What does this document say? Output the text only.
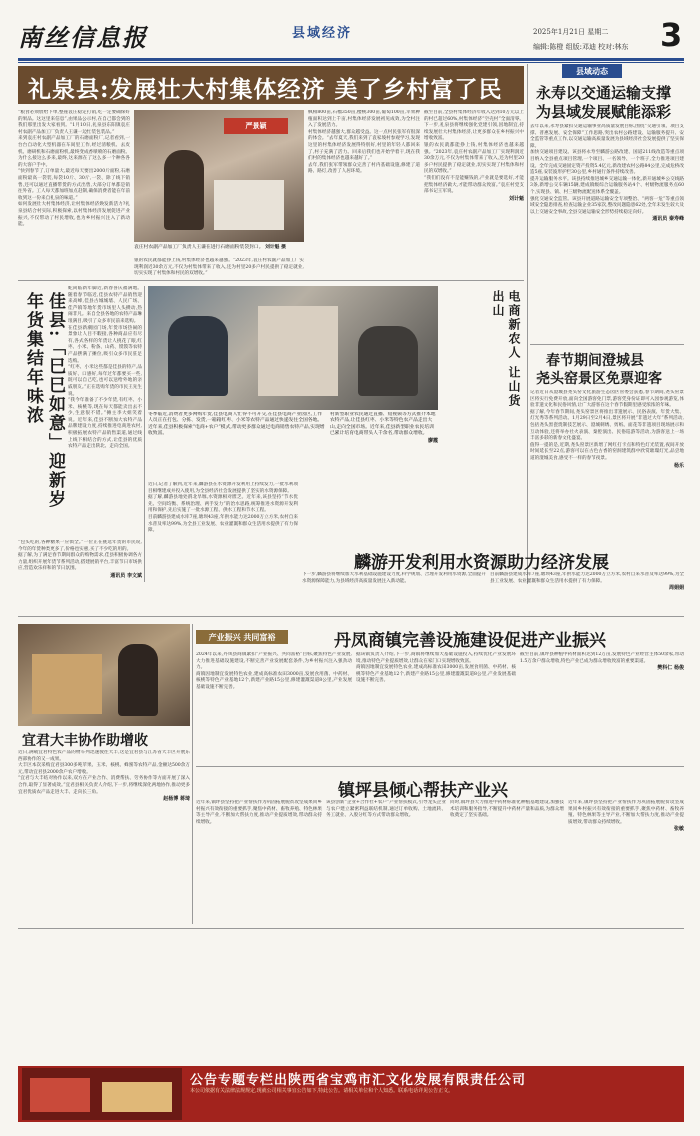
南丝信息报	县域经济	2025年1月21日 星期二
编辑:陈橙 组版:邓迪 校对:林东 3
礼泉县:发展壮大村集体经济 美了乡村富了民

“粮食必须放给下单,整座袁庄稳定打销,吃一定要确保好的果品。这这里来信息”,由果品公示村,在自己都会到的我们那里出发大家看到。“1月10日,礼泉县东阳镇袁庄村农副产品加工厂负责人王谦一边忙装包装品。”

来到袁庄村农副产品加工厂的石磨面粉厂,记者看到,一台台自动化大型机器在车间里工作,经过清粮机、去皮机、磨研机和石磨面粉机,最终变成香喷喷的石磨面粉。为什么接这么多来,最终,这来源在了这么多一个种各各的大客户手中。

“快到春节了,订单量大,最近每天要出2000斤面粉,石磨面粉最高一袋装,每袋10斤、30斤,一袋、除了线下销售,还可以通过直播带货的方式出售,大部分订单都是销往外省。工人每天都加班加点赶制,确保消费者能在年前收到这一份来自礼泉的味道。”

如何发展壮大村集体经济,让村集体经济焕发新活力?礼泉县结合村实际,积极探索,以村集体经济发展促进产业振兴,不仅带动了村民增收,也为乡村振兴注入了新动能。

严景颖
袁庄村农副产品加工厂负责人王谦在进行石磨面粉装袋封口。 刘计魁 摄

枫相800亩,石榴350亩,樱桃300亩,葡萄100亩,苹果种植面积达到上千亩,村集体经济发展初见成效,为全村注入了发展活力。

村集体经济越强大,群众越受益。这一点村民张军有很深的体会。“去年夏天,我们来到了袁家坡村参观学习,发现这里的村集体经济发展得特别好,村里的年轻人都回来了,村子充满了活力。回来后我们也开始学着干,现在我们村的集体经济也越来越好了。”

去年,我们张军带领群众完善了村内基础设施,修建了道路、路灯,改善了人居环境。

截至目前,全县村集体经济年收入达到10万元以上的村已超过60%,村集体经济“空壳村”全面清零。下一步,礼泉县将继续强化党建引领,因地制宜,持续发展壮大村集体经济,让更多群众在乡村振兴中增收致富。

银的农民就都能挣上钱,村集体经济也越来越强。“2023年,袁庄村农副产品加工厂实现利润近30余万元,不仅为村集体带来了收入,还为村里20多户村民提供了稳定就业,切实实现了村集体和村民的双增收。”

“我们们没有不是能赚钱的,产业就是要选好,才能把集体经济做大,才能带动群众致富。”袁庄村党支部书记王军说。

刘计魁

银的农民就都能挣上钱,村集体经济也越来越强。“2023年,袁庄村农副产品加工厂实现利润近30余万元,不仅为村集体带来了收入,还为村里20多户村民提供了稳定就业,切实实现了村集体和村民的双增收。”

县域动态
永寿以交通运输支撑
为县域发展赋能添彩

去年以来,永寿县紧扣交通运输事业高质量发展目标,围绕“交通引领、项目支撑、普惠发展、安全保障”工作思路,突出农村公路建设、运输服务提升、安全监管等重点工作,以交通运输高质量发展为县域经济社会发展提供了坚实保障。

加快交通项目建设。该县将永寿至麟游公路改建、国道211线改造等重点项目纳入全县重点项目管理,一个项目、一名领导、一个班子,全力推进项目建设。全年完成交通固定资产投资5.4亿元,新改建农村公路84公里,完成危桥改造5座,安装波形护栏30公里,乡村通行条件持续改善。

提升运输服务水平。该县持续推进城乡交通运输一体化,新开通城乡公交线路3条,新增公交车辆15辆,建成镇级综合运输服务站4个、村级物流服务点60个,实现县、镇、村三级物流配送体系全覆盖。

强化交通安全监管。该县开展道路运输安全专项整治、“两客一危”等重点领域安全隐患排查,检查运输企业35家次,整改问题隐患62处,全年未发生较大及以上交通安全事故,全县交通运输安全形势持续稳定向好。

通讯员 秦寿峰
春节期间澄城县
尧头窑景区免票迎客

记者近日从澄城县尧头窑文化旅游生态园区管委会获悉,春节期间,尧头窑景区将实行免费开放,面向全国游客免门票,游客凭身份证即可入园参观游览,体验非遗文化和民俗风情,让广大游客在这个春节假期里感受浓浓的年味。

据了解,今年春节期间,尧头窑景区将推出非遗展示、民俗表演、年货大集、灯光秀等系列活动。1月29日至2月4日,景区将开展“非遗过大年”系列活动,包括尧头黑瓷烧制技艺展示、澄城刺绣、剪纸、面花等非遗项目现场展示和互动体验,还将举办社火表演、秦腔演出、民俗巡游等活动,为游客送上一场丰富多彩的新春文化盛宴。

值得一提的是,近期,尧头窑景区新增了网红打卡点和特色灯光装置,夜间开放时间延长至22点,游客可以在古色古香的窑洞建筑群中欣赏璀璨灯光,品尝地道的澄城美食,感受不一样的春节夜景。

杨乐
佳县:「巳巳如意」迎新岁 年货集结年味浓

蛇尚临新年脚近,新春喜庆福满地。随着春节临近,佳县农特产品销售迎来高峰,佳县古城城墙、人民广场、佳芦镇等地年货市场里人头攒动,热闹非凡。来自全县各地的农特产品琳琅满目,吸引了众多市民前来选购。

在佳县新潮园门场,年货市场热闹的景象让人目不暇接,各种商品应有尽有,各式各样的年货让人挑花了眼,红枣、小米、粉条、山药、馍馍等农特产品摆满了摊位,吸引众多市民驻足选购。

“红枣、小米这些都是佳县的特产,品质好、口感好,每年过年都要买一些,既可以自己吃,也可以送给外地的亲戚朋友。”正在选购年货的市民王先生说。

“我今年准备了不少年货,有红枣、小米、核桃等,现在每天都能卖出去不少,生意很不错。”摊主李大姐笑着说。近年来,佳县不断加大农特产品品牌建设力度,持续推进电商进农村,积极拓展农特产品销售渠道,通过线上线下相结合的方式,让佳县的优质农特产品走出陕北、走向全国。

“包头吃的,各种糖果一应俱全。”一位正在挑选年货的市民说,今年的年货种类更多了,价格也实惠,买了不少吃的用的。

据了解,为了满足春节期间群众的购物需求,佳县积极协调各方力量,组织开展年货节系列活动,搭建展销平台,丰富节日市场供应,营造欢乐祥和的节日氛围。

通讯员 李文斌
电商新农人 让山货出山
冬季临近,消费者更多网购年货,佳县电商人忙得不可开交,在佳县电商产业园区,工作人员正在打包、分拣、发货,一箱箱红枣、小米等农特产品通过快递发往全国各地。近年来,佳县积极探索“电商+农户”模式,带动更多群众通过电商销售农特产品,实现增收致富。
村新型职业农民通过直播、短视频等方式推介本地农特产品,让佳县红枣、小米等特色农产品走出大山,走向全国市场。近年来,佳县新型职业农民培训已累计培育电商带头人千余名,带动群众增收。
廖霞

近日,记者了解到,近年来,麟游县在水资源开发利用上持续发力,一批水利项目相继建成并投入使用,为全县经济社会发展提供了坚实的水资源保障。

据了解,麟游县地处渭北旱塬,水资源相对匮乏。近年来,该县坚持“节水优先、空间均衡、系统治理、两手发力”的治水思路,统筹推进水资源开发利用和保护,先后实施了一批水源工程、供水工程和节水工程。

目前麟游县建成水库7座,塘坝43座,年供水能力达2000万立方米,农村自来水普及率达99%,为全县工业发展、农业灌溉和群众生活用水提供了有力保障。

麟游开发利用水资源助力经济发展

下一步,麟游县将继续加大水利基础设施建设力度,科学规划、合理开发利用水资源,全面提升水资源保障能力,为县域经济高质量发展注入新动能。

目前麟游县建成水库7座,塘坝43座,年供水能力达2000万立方米,农村自来水普及率达99%,为全县工业发展、农业灌溉和群众生活用水提供了有力保障。

周娟娟
产业振兴 共同富裕	丹凤商镇完善设施建设促进产业振兴

2024年以来,丹凤县商镇紧扣“产业振兴、共同富裕”目标,聚焦特色产业发展,大力推进基础设施建设,不断完善产业发展配套条件,为乡村振兴注入强劲动力。

商镇因地制宜发展特色农业,建成高标准农田3000亩,发展食用菌、中药材、核桃等特色产业基地12个,新建产业路15公里,修建灌溉渠道8公里,产业发展基础设施不断完善。

据该镇负责人介绍,下一步,商镇将继续加大基础设施投入,持续优化产业发展环境,推动特色产业提质增效,让群众在家门口实现增收致富。

商镇因地制宜发展特色农业,建成高标准农田3000亩,发展食用菌、中药材、核桃等特色产业基地12个,新建产业路15公里,修建灌溉渠道8公里,产业发展基础设施不断完善。

截至目前,镇坪县种植中药材面积达到12万亩,发展特色产业经营主体50余家,带动1.5万余户群众增收,特色产业已成为群众增收致富的重要渠道。

樊科仁 杨俊
宜君大丰协作助增收

近日,满载宜君特色农产品的物车列迅速驶往大丰,这是宜君县与江苏省大丰区开展东西部协作的又一成果。

大丰区本次采购宜君县300多吨苹果、玉米、核桃、蜂蜜等农特产品,金额达500余万元,带动宜君县2000余户农户增收。

“宜君与大丰结对协作以来,双方在产业合作、消费帮扶、劳务协作等方面开展了深入合作,取得了显著成效。”宜君县相关负责人介绍,下一步,将继续深化两地协作,推动更多宜君优质农产品走进大丰、走向长三角。

赵杨博 蒋琦	镇坪县倾心帮扶产业兴

近年来,镇坪县坚持把产业帮扶作为巩固拓展脱贫攻坚成果同乡村振兴有效衔接的重要抓手,聚焦中药材、畜牧养殖、特色林果等主导产业,不断加大帮扶力度,推动产业提质增效,带动群众持续增收。

该县创新“企业+合作社+农户”产业帮扶模式,引导龙头企业与农户建立紧密利益联结机制,通过订单收购、土地流转、务工就业、入股分红等方式带动群众增收。

同时,镇坪县大力推进中药材标准化种植基地建设,加强技术培训和服务指导,不断提升中药材产量和品质,为群众增收奠定了坚实基础。

近年来,镇坪县坚持把产业帮扶作为巩固拓展脱贫攻坚成果同乡村振兴有效衔接的重要抓手,聚焦中药材、畜牧养殖、特色林果等主导产业,不断加大帮扶力度,推动产业提质增效,带动群众持续增收。

张敏
公告专题专栏出陕西省宝鸡市汇文化发展有限责任公司
本公司依据有关法律法规规定,现就公司相关事宜公告如下,特此公告。请相关单位和个人知悉。联系电话详见公告正文。
